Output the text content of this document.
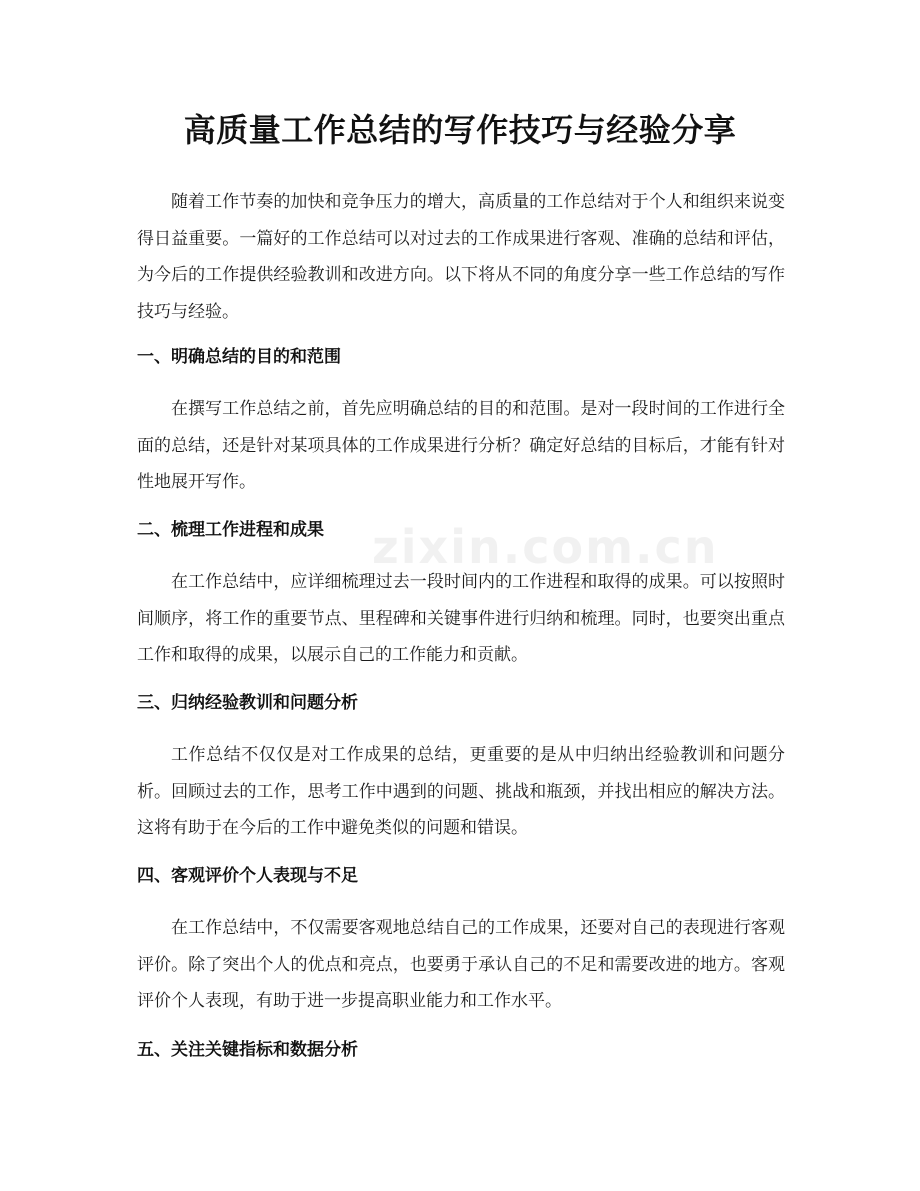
zixin.com.cn
高质量工作总结的写作技巧与经验分享

随着工作节奏的加快和竞争压力的增大，高质量的工作总结对于个人和组织来说变得日益重要。一篇好的工作总结可以对过去的工作成果进行客观、准确的总结和评估，为今后的工作提供经验教训和改进方向。以下将从不同的角度分享一些工作总结的写作技巧与经验。

一、明确总结的目的和范围

在撰写工作总结之前，首先应明确总结的目的和范围。是对一段时间的工作进行全面的总结，还是针对某项具体的工作成果进行分析？确定好总结的目标后，才能有针对性地展开写作。

二、梳理工作进程和成果

在工作总结中，应详细梳理过去一段时间内的工作进程和取得的成果。可以按照时间顺序，将工作的重要节点、里程碑和关键事件进行归纳和梳理。同时，也要突出重点工作和取得的成果，以展示自己的工作能力和贡献。

三、归纳经验教训和问题分析

工作总结不仅仅是对工作成果的总结，更重要的是从中归纳出经验教训和问题分析。回顾过去的工作，思考工作中遇到的问题、挑战和瓶颈，并找出相应的解决方法。这将有助于在今后的工作中避免类似的问题和错误。

四、客观评价个人表现与不足

在工作总结中，不仅需要客观地总结自己的工作成果，还要对自己的表现进行客观评价。除了突出个人的优点和亮点，也要勇于承认自己的不足和需要改进的地方。客观评价个人表现，有助于进一步提高职业能力和工作水平。

五、关注关键指标和数据分析
